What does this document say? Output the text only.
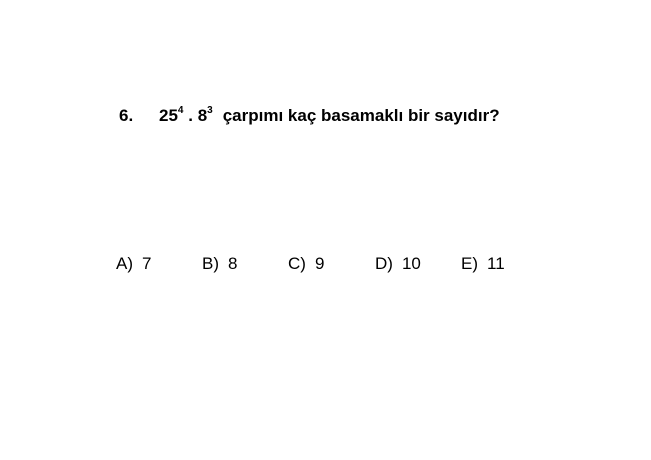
6. $25^4$ . $8^3$ çarpımı kaç basamaklı bir sayıdır?
A) 7	B) 8	C) 9	D) 10 E) 11
